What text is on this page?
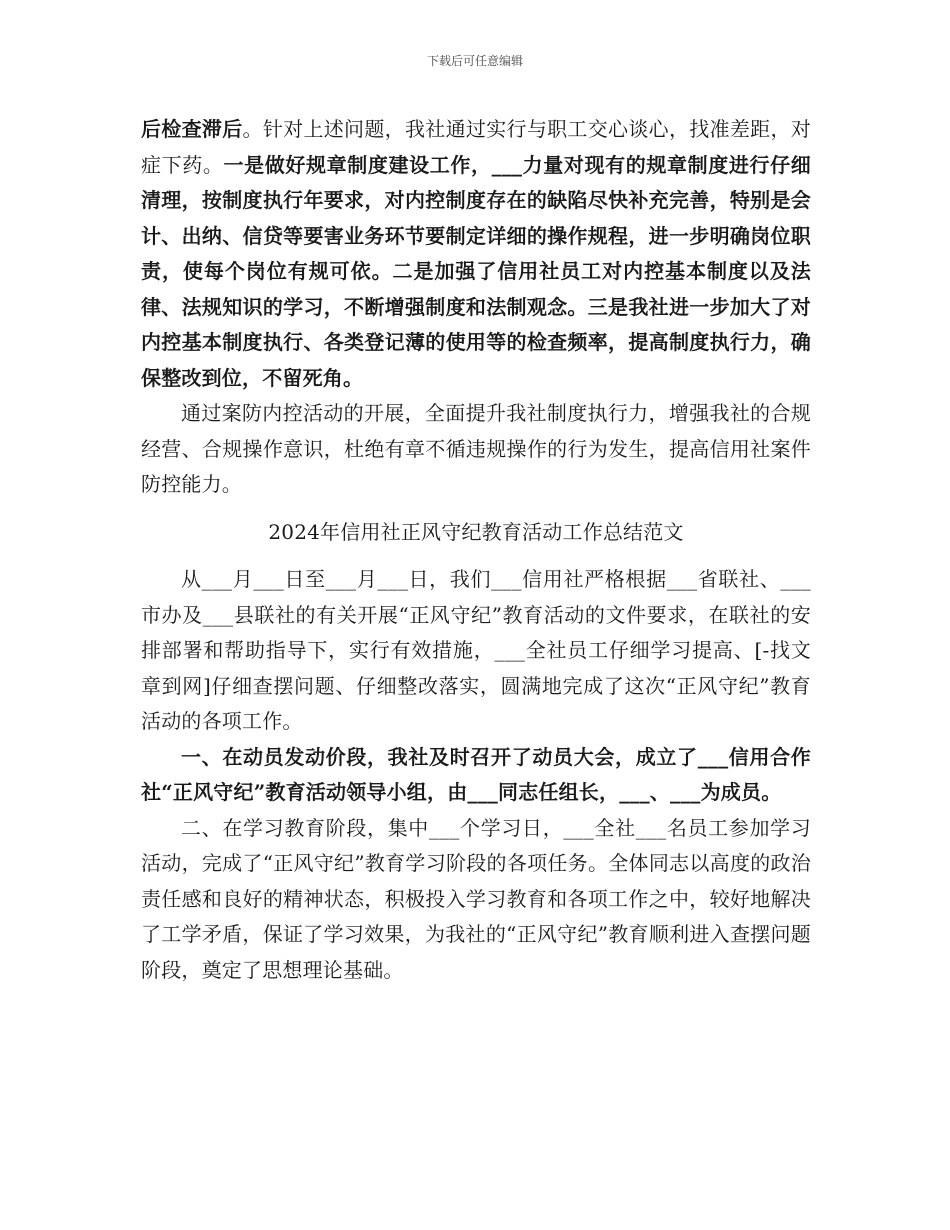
下载后可任意编辑

后检查滞后。针对上述问题，我社通过实行与职工交心谈心，找准差距，对症下药。一是做好规章制度建设工作，___力量对现有的规章制度进行仔细清理，按制度执行年要求，对内控制度存在的缺陷尽快补充完善，特别是会计、出纳、信贷等要害业务环节要制定详细的操作规程，进一步明确岗位职责，使每个岗位有规可依。二是加强了信用社员工对内控基本制度以及法律、法规知识的学习，不断增强制度和法制观念。三是我社进一步加大了对内控基本制度执行、各类登记薄的使用等的检查频率，提高制度执行力，确保整改到位，不留死角。

通过案防内控活动的开展，全面提升我社制度执行力，增强我社的合规经营、合规操作意识，杜绝有章不循违规操作的行为发生，提高信用社案件防控能力。

2024年信用社正风守纪教育活动工作总结范文

从___月___日至___月___日，我们___信用社严格根据___省联社、___市办及___县联社的有关开展“正风守纪”教育活动的文件要求，在联社的安排部署和帮助指导下，实行有效措施，___全社员工仔细学习提高、[-找文章到网]仔细查摆问题、仔细整改落实，圆满地完成了这次“正风守纪”教育活动的各项工作。

一、在动员发动价段，我社及时召开了动员大会，成立了___信用合作社“正风守纪”教育活动领导小组，由___同志任组长，___、___为成员。

二、在学习教育阶段，集中___个学习日，___全社___名员工参加学习活动，完成了“正风守纪”教育学习阶段的各项任务。全体同志以高度的政治责任感和良好的精神状态，积极投入学习教育和各项工作之中，较好地解决了工学矛盾，保证了学习效果，为我社的“正风守纪”教育顺利进入查摆问题阶段，奠定了思想理论基础。
